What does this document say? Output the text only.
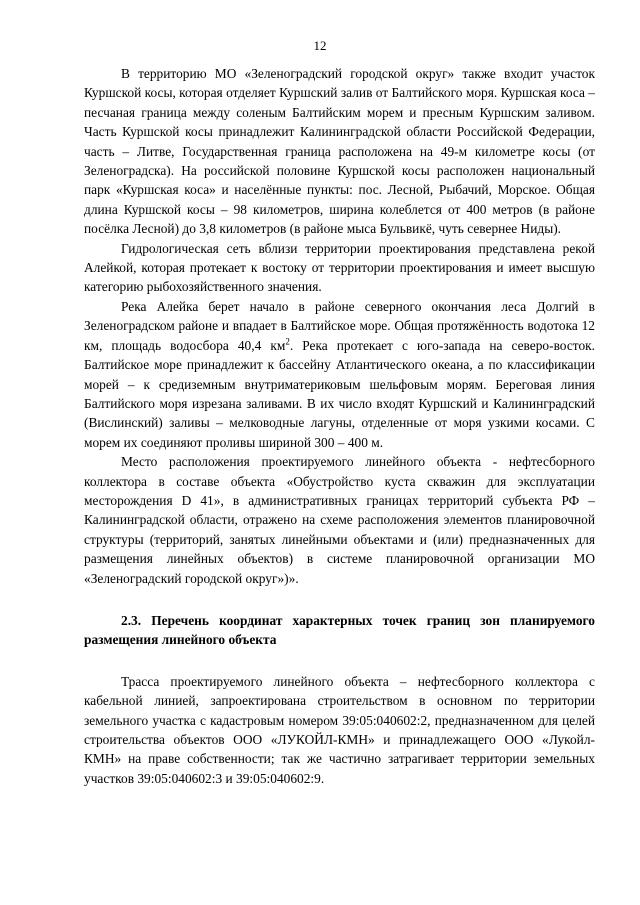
12

В территорию МО «Зеленоградский городской округ» также входит участок Куршской косы, которая отделяет Куршский залив от Балтийского моря. Куршская коса – песчаная граница между соленым Балтийским морем и пресным Куршским заливом. Часть Куршской косы принадлежит Калининградской области Российской Федерации, часть – Литве, Государственная граница расположена на 49-м километре косы (от Зеленоградска). На российской половине Куршской косы расположен национальный парк «Куршская коса» и населённые пункты: пос. Лесной, Рыбачий, Морское. Общая длина Куршской косы – 98 километров, ширина колеблется от 400 метров (в районе посёлка Лесной) до 3,8 километров (в районе мыса Бульвикё, чуть севернее Ниды).

Гидрологическая сеть вблизи территории проектирования представлена рекой Алейкой, которая протекает к востоку от территории проектирования и имеет высшую категорию рыбохозяйственного значения.

Река Алейка берет начало в районе северного окончания леса Долгий в Зеленоградском районе и впадает в Балтийское море. Общая протяжённость водотока 12 км, площадь водосбора 40,4 $км^2$. Река протекает с юго-запада на северо-восток. Балтийское море принадлежит к бассейну Атлантического океана, а по классификации морей – к средиземным внутриматериковым шельфовым морям. Береговая линия Балтийского моря изрезана заливами. В их число входят Куршский и Калининградский (Вислинский) заливы – мелководные лагуны, отделенные от моря узкими косами. С морем их соединяют проливы шириной 300 – 400 м.

Место расположения проектируемого линейного объекта - нефтесборного коллектора в составе объекта «Обустройство куста скважин для эксплуатации месторождения D 41», в административных границах территорий субъекта РФ – Калининградской области, отражено на схеме расположения элементов планировочной структуры (территорий, занятых линейными объектами и (или) предназначенных для размещения линейных объектов) в системе планировочной организации МО «Зеленоградский городской округ»)».

2.3. Перечень координат характерных точек границ зон планируемого размещения линейного объекта

Трасса проектируемого линейного объекта – нефтесборного коллектора с кабельной линией, запроектирована строительством в основном по территории земельного участка с кадастровым номером 39:05:040602:2, предназначенном для целей строительства объектов ООО «ЛУКОЙЛ-КМН» и принадлежащего ООО «Лукойл-КМН» на праве собственности; так же частично затрагивает территории земельных участков 39:05:040602:3 и 39:05:040602:9.
